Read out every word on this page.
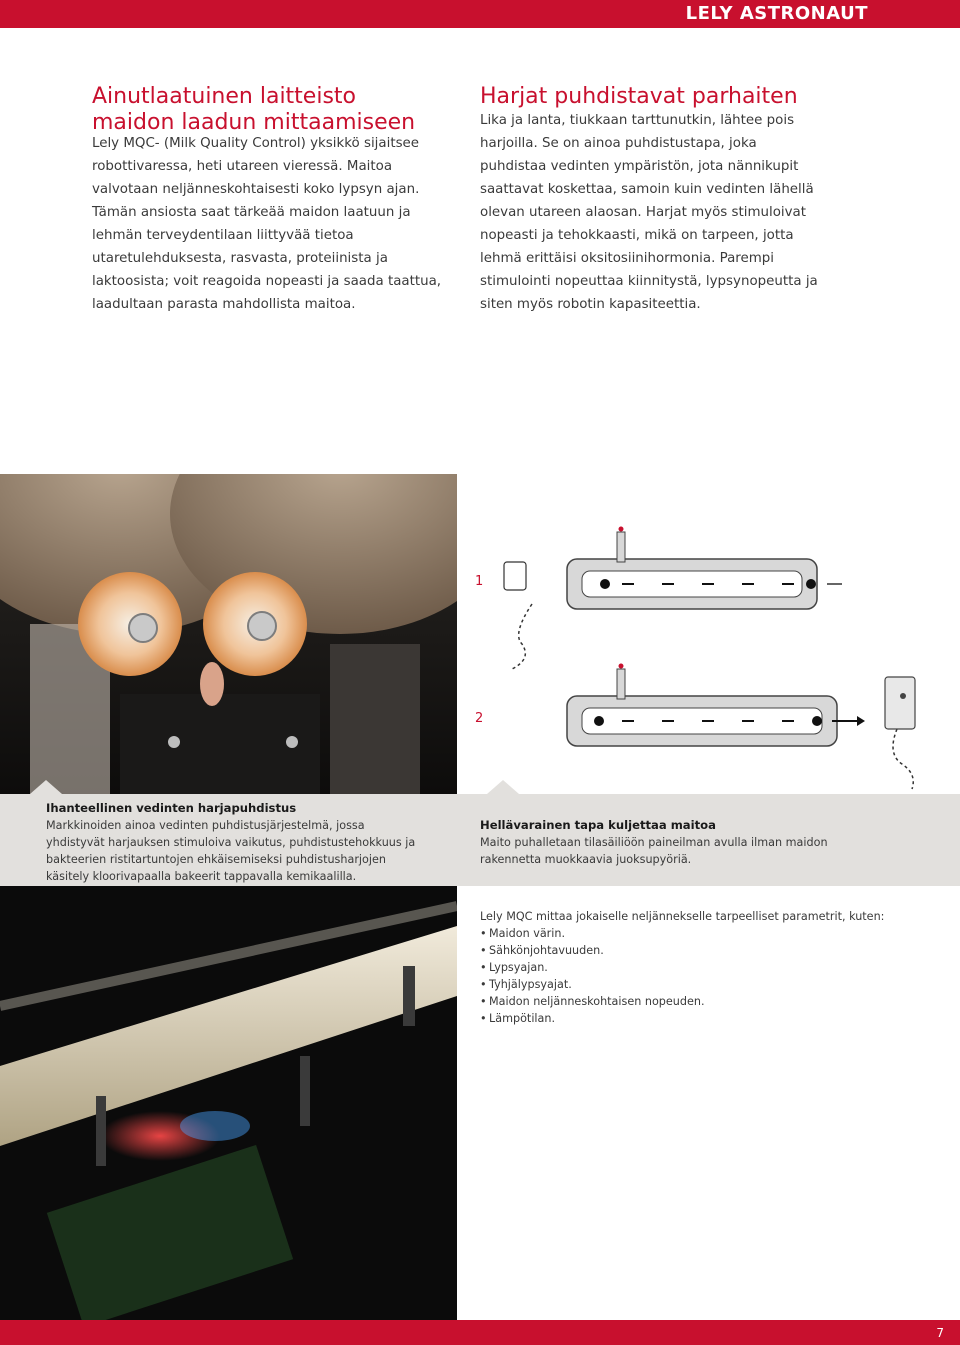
LELY ASTRONAUT
Ainutlaatuinen laitteisto maidon laadun mittaamiseen

Lely MQC- (Milk Quality Control) yksikkö sijaitsee robottivaressa, heti utareen vieressä. Maitoa valvotaan neljänneskohtaisesti koko lypsyn ajan. Tämän ansiosta saat tärkeää maidon laatuun ja lehmän terveydentilaan liittyvää tietoa utaretulehduksesta, rasvasta, proteiinista ja laktoosista; voit reagoida nopeasti ja saada taattua, laadultaan parasta mahdollista maitoa.

Harjat puhdistavat parhaiten

Lika ja lanta, tiukkaan tarttunutkin, lähtee pois

harjoilla. Se on ainoa puhdistustapa, joka puhdistaa vedinten ympäristön, jota nännikupit saattavat koskettaa, samoin kuin vedinten lähellä olevan utareen alaosan. Harjat myös stimuloivat nopeasti ja tehokkaasti, mikä on tarpeen, jotta lehmä erittäisi oksitosiinihormonia. Parempi stimulointi nopeuttaa kiinnitystä, lypsynopeutta ja siten myös robotin kapasiteettia.

1
2

Ihanteellinen vedinten harjapuhdistus

Markkinoiden ainoa vedinten puhdistusjärjestelmä, jossa yhdistyvät harjauksen stimuloiva vaikutus, puhdistustehokkuus ja bakteerien ristitartuntojen ehkäisemiseksi puhdistusharjojen käsitely kloorivapaalla bakeerit tappavalla kemikaalilla.

Hellävarainen tapa kuljettaa maitoa

Maito puhalletaan tilasäiliöön paineilman avulla ilman maidon rakennetta muokkaavia juoksupyöriä.

Lely MQC mittaa jokaiselle neljännekselle tarpeelliset parametrit, kuten:
• Maidon värin.
• Sähkönjohtavuuden.
• Lypsyajan.
• Tyhjälypsyajat.
• Maidon neljänneskohtaisen nopeuden.
• Lämpötilan.
7
